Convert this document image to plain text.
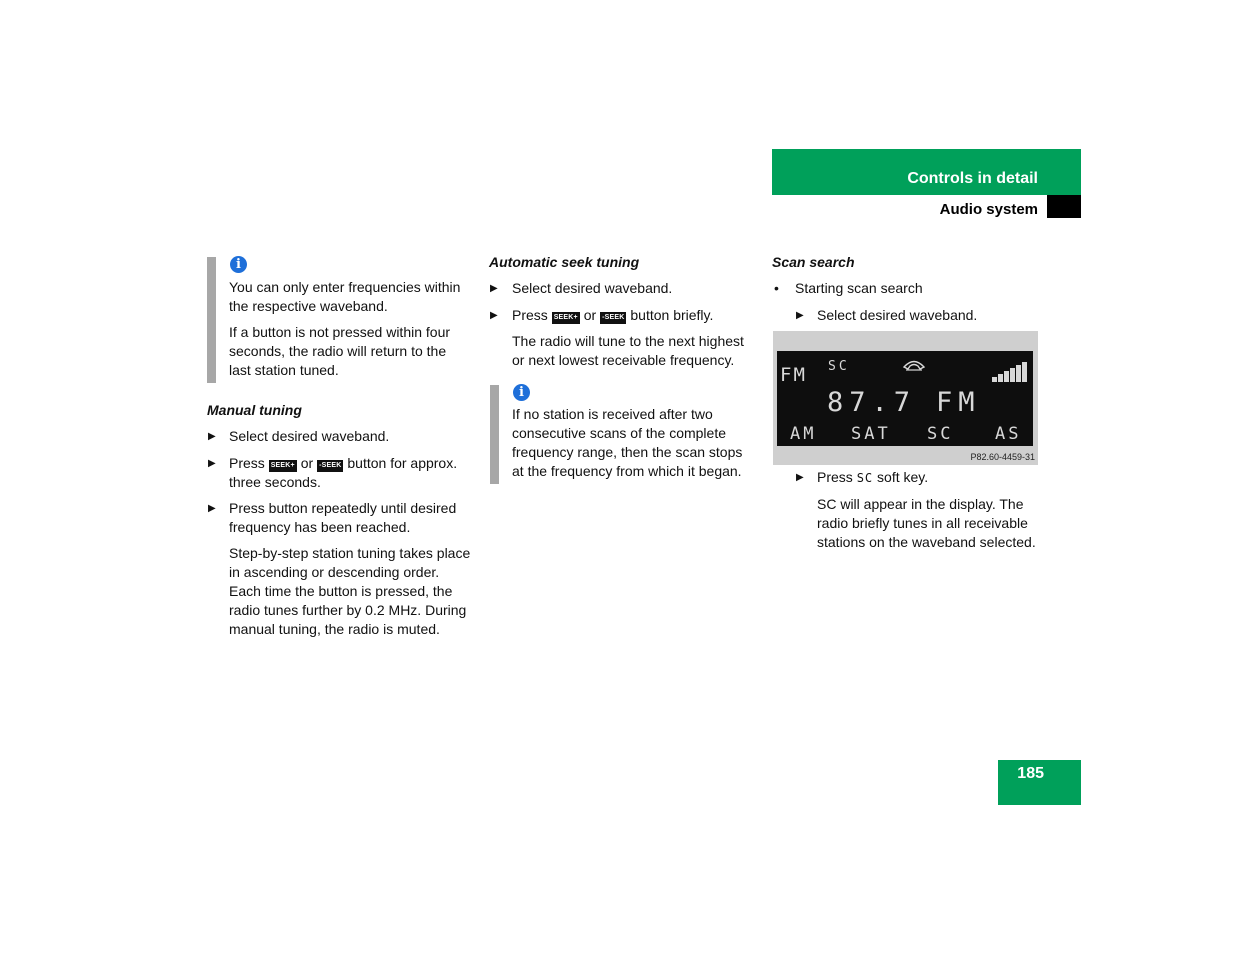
Controls in detail
Audio system
i
You can only enter frequencies within the respective waveband.
If a button is not pressed within four seconds, the radio will return to the last station tuned.
Manual tuning
▶ Select desired waveband.
▶ Press SEEK+ or -SEEK button for approx. three seconds.
▶ Press button repeatedly until desired frequency has been reached.
Step-by-step station tuning takes place in ascending or descending order. Each time the button is pressed, the radio tunes further by 0.2 MHz. During manual tuning, the radio is muted.
Automatic seek tuning
▶ Select desired waveband.
▶ Press SEEK+ or -SEEK button briefly.
The radio will tune to the next highest or next lowest receivable frequency.
i
If no station is received after two consecutive scans of the complete frequency range, then the scan stops at the frequency from which it began.
Scan search
• Starting scan search
▶ Select desired waveband.
FM SC
87.7 FM
AM SAT SC AS
P82.60-4459-31
▶ Press SC soft key.
SC will appear in the display. The radio briefly tunes in all receivable stations on the waveband selected.
185
